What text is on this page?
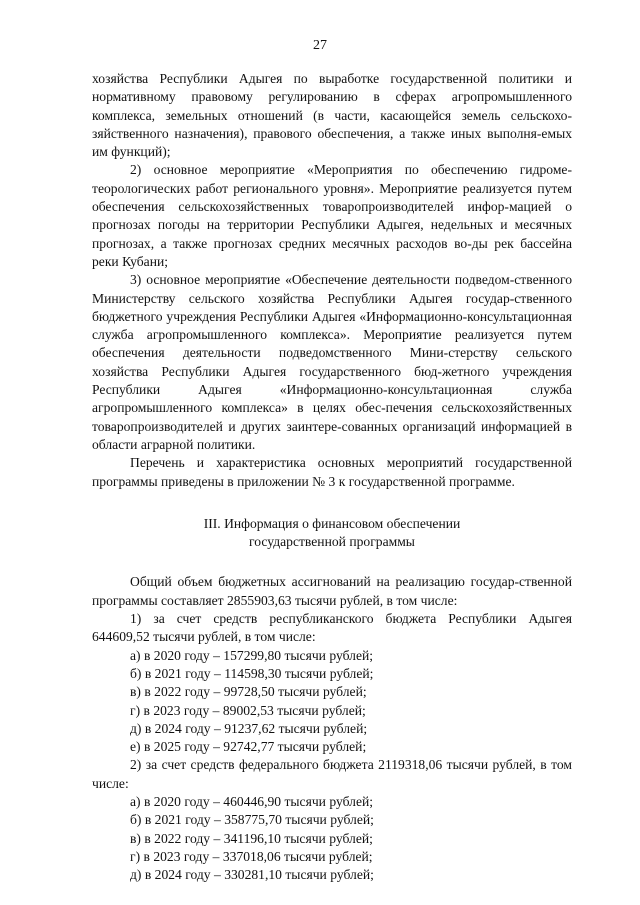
27

хозяйства Республики Адыгея по выработке государственной политики и нормативному правовому регулированию в сферах агропромышленного комплекса, земельных отношений (в части, касающейся земель сельскохо-зяйственного назначения), правового обеспечения, а также иных выполня-емых им функций);

2) основное мероприятие «Мероприятия по обеспечению гидроме-теорологических работ регионального уровня». Мероприятие реализуется путем обеспечения сельскохозяйственных товаропроизводителей инфор-мацией о прогнозах погоды на территории Республики Адыгея, недельных и месячных прогнозах, а также прогнозах средних месячных расходов во-ды рек бассейна реки Кубани;

3) основное мероприятие «Обеспечение деятельности подведом-ственного Министерству сельского хозяйства Республики Адыгея государ-ственного бюджетного учреждения Республики Адыгея «Информационно-консультационная служба агропромышленного комплекса». Мероприятие реализуется путем обеспечения деятельности подведомственного Мини-стерству сельского хозяйства Республики Адыгея государственного бюд-жетного учреждения Республики Адыгея «Информационно-консультационная служба агропромышленного комплекса» в целях обес-печения сельскохозяйственных товаропроизводителей и других заинтере-сованных организаций информацией в области аграрной политики.

Перечень и характеристика основных мероприятий государственной программы приведены в приложении № 3 к государственной программе.

III. Информация о финансовом обеспечении
государственной программы

Общий объем бюджетных ассигнований на реализацию государ-ственной программы составляет 2855903,63 тысячи рублей, в том числе:

1) за счет средств республиканского бюджета Республики Адыгея 644609,52 тысячи рублей, в том числе:

а) в 2020 году – 157299,80 тысячи рублей;

б) в 2021 году – 114598,30 тысячи рублей;

в) в 2022 году – 99728,50 тысячи рублей;

г) в 2023 году – 89002,53 тысячи рублей;

д) в 2024 году – 91237,62 тысячи рублей;

е) в 2025 году – 92742,77 тысячи рублей;

2) за счет средств федерального бюджета 2119318,06 тысячи рублей, в том числе:

а) в 2020 году – 460446,90 тысячи рублей;

б) в 2021 году – 358775,70 тысячи рублей;

в) в 2022 году – 341196,10 тысячи рублей;

г) в 2023 году – 337018,06 тысячи рублей;

д) в 2024 году – 330281,10 тысячи рублей;
